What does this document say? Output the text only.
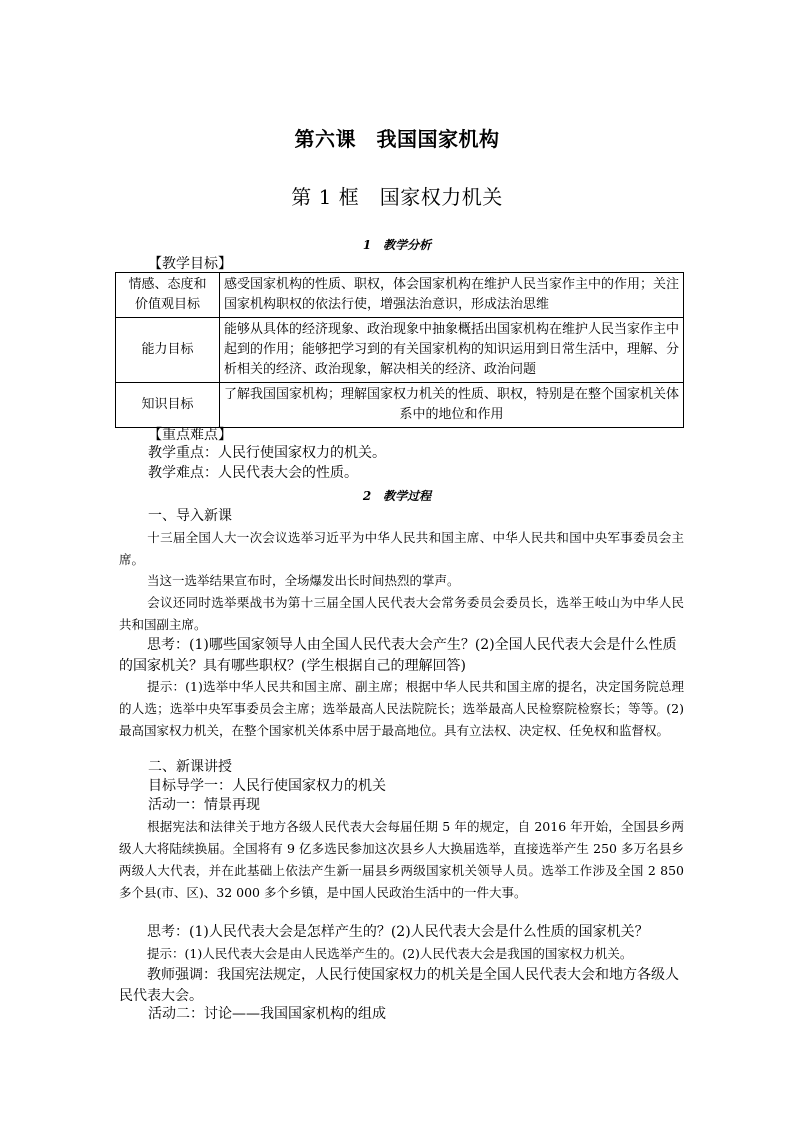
第六课　我国国家机构
第 1 框　国家权力机关
1　教学分析
【教学目标】
情感、态度和
价值观目标	感受国家机构的性质、职权，体会国家机构在维护人民当家作主中的作用；关注国家机构职权的依法行使，增强法治意识，形成法治思维

能力目标	能够从具体的经济现象、政治现象中抽象概括出国家机构在维护人民当家作主中起到的作用；能够把学习到的有关国家机构的知识运用到日常生活中，理解、分析相关的经济、政治现象，解决相关的经济、政治问题

知识目标	了解我国国家机构；理解国家权力机关的性质、职权，特别是在整个国家机关体系中的地位和作用
【重点难点】
教学重点：人民行使国家权力的机关。
教学难点：人民代表大会的性质。
2　教学过程
一、导入新课
十三届全国人大一次会议选举习近平为中华人民共和国主席、中华人民共和国中央军事委员会主席。
当这一选举结果宣布时，全场爆发出长时间热烈的掌声。
会议还同时选举栗战书为第十三届全国人民代表大会常务委员会委员长，选举王岐山为中华人民共和国副主席。
思考：(1)哪些国家领导人由全国人民代表大会产生？(2)全国人民代表大会是什么性质的国家机关？具有哪些职权？(学生根据自己的理解回答)
提示：(1)选举中华人民共和国主席、副主席；根据中华人民共和国主席的提名，决定国务院总理的人选；选举中央军事委员会主席；选举最高人民法院院长；选举最高人民检察院检察长；等等。(2)最高国家权力机关，在整个国家机关体系中居于最高地位。具有立法权、决定权、任免权和监督权。
二、新课讲授
目标导学一：人民行使国家权力的机关
活动一：情景再现
根据宪法和法律关于地方各级人民代表大会每届任期 5 年的规定，自 2016 年开始，全国县乡两级人大将陆续换届。全国将有 9 亿多选民参加这次县乡人大换届选举，直接选举产生 250 多万名县乡两级人大代表，并在此基础上依法产生新一届县乡两级国家机关领导人员。选举工作涉及全国 2 850 多个县(市、区)、32 000 多个乡镇，是中国人民政治生活中的一件大事。
思考：(1)人民代表大会是怎样产生的？(2)人民代表大会是什么性质的国家机关？
提示：(1)人民代表大会是由人民选举产生的。(2)人民代表大会是我国的国家权力机关。
教师强调：我国宪法规定，人民行使国家权力的机关是全国人民代表大会和地方各级人民代表大会。
活动二：讨论——我国国家机构的组成
